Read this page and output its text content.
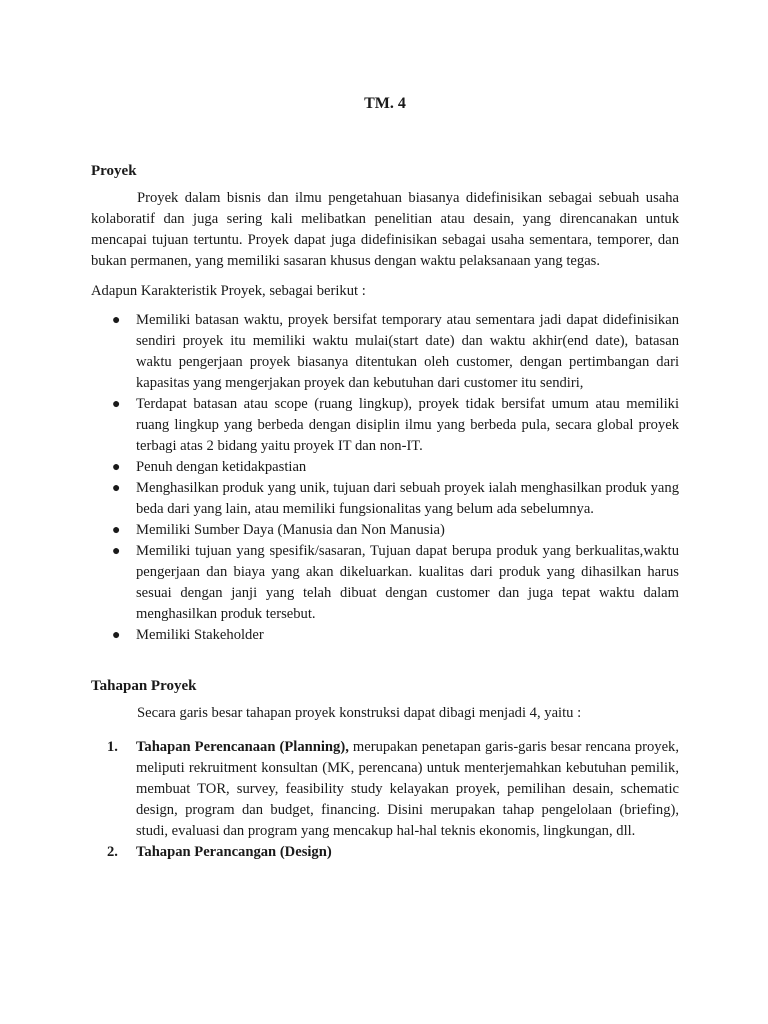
TM. 4
Proyek

Proyek dalam bisnis dan ilmu pengetahuan biasanya didefinisikan sebagai sebuah usaha kolaboratif dan juga sering kali melibatkan penelitian atau desain, yang direncanakan untuk mencapai tujuan tertuntu. Proyek dapat juga didefinisikan sebagai usaha sementara, temporer, dan bukan permanen, yang memiliki sasaran khusus dengan waktu pelaksanaan yang tegas.

Adapun Karakteristik Proyek, sebagai berikut :

● Memiliki batasan waktu, proyek bersifat temporary atau sementara jadi dapat didefinisikan sendiri proyek itu memiliki waktu mulai(start date) dan waktu akhir(end date), batasan waktu pengerjaan proyek biasanya ditentukan oleh customer, dengan pertimbangan dari kapasitas yang mengerjakan proyek dan kebutuhan dari customer itu sendiri,
● Terdapat batasan atau scope (ruang lingkup), proyek tidak bersifat umum atau memiliki ruang lingkup yang berbeda dengan disiplin ilmu yang berbeda pula, secara global proyek terbagi atas 2 bidang yaitu proyek IT dan non-IT.
● Penuh dengan ketidakpastian
● Menghasilkan produk yang unik, tujuan dari sebuah proyek ialah menghasilkan produk yang beda dari yang lain, atau memiliki fungsionalitas yang belum ada sebelumnya.
● Memiliki Sumber Daya (Manusia dan Non Manusia)
● Memiliki tujuan yang spesifik/sasaran, Tujuan dapat berupa produk yang berkualitas,waktu pengerjaan dan biaya yang akan dikeluarkan. kualitas dari produk yang dihasilkan harus sesuai dengan janji yang telah dibuat dengan customer dan juga tepat waktu dalam menghasilkan produk tersebut.
● Memiliki Stakeholder
Tahapan Proyek

Secara garis besar tahapan proyek konstruksi dapat dibagi menjadi 4, yaitu :

1. Tahapan Perencanaan (Planning), merupakan penetapan garis-garis besar rencana proyek, meliputi rekruitment konsultan (MK, perencana) untuk menterjemahkan kebutuhan pemilik, membuat TOR, survey, feasibility study kelayakan proyek, pemilihan desain, schematic design, program dan budget, financing. Disini merupakan tahap pengelolaan (briefing), studi, evaluasi dan program yang mencakup hal-hal teknis ekonomis, lingkungan, dll.
2. Tahapan Perancangan (Design)
